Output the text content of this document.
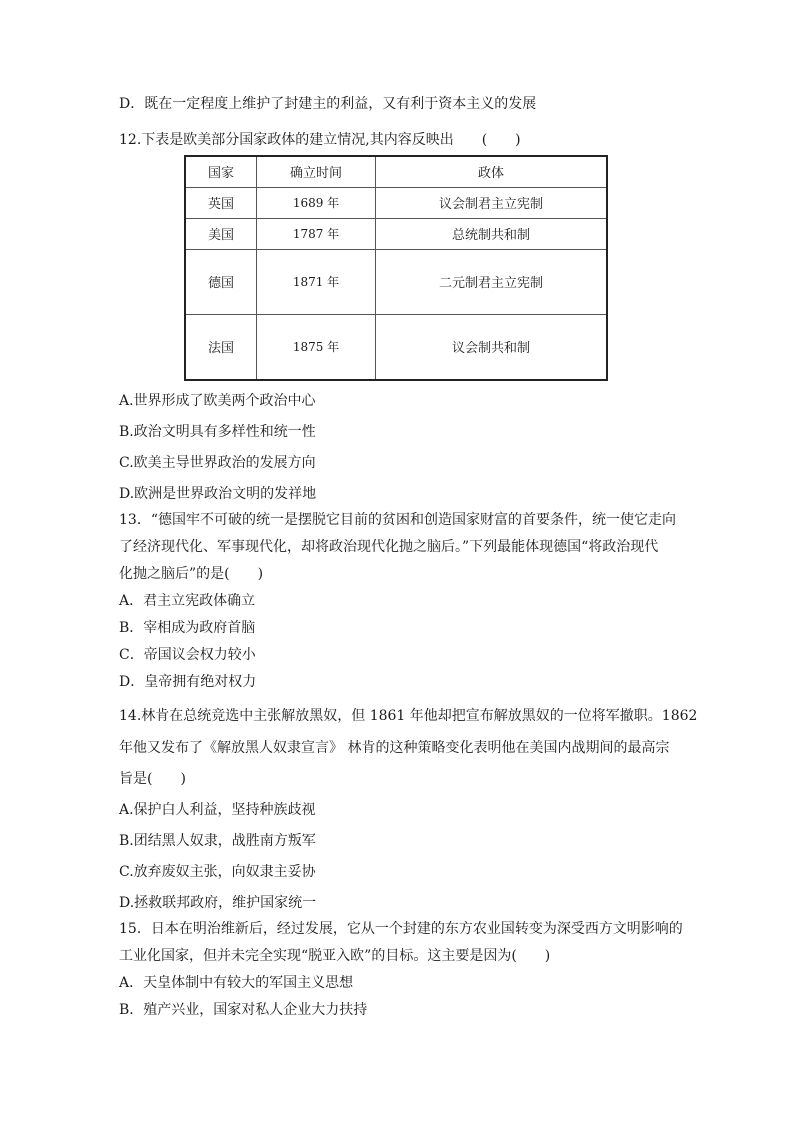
D．既在一定程度上维护了封建主的利益，又有利于资本主义的发展
12.下表是欧美部分国家政体的建立情况,其内容反映出　　(　　)
国家	确立时间	政体
英国	1689 年	议会制君主立宪制
美国	1787 年	总统制共和制
德国	1871 年	二元制君主立宪制
法国	1875 年	议会制共和制
A.世界形成了欧美两个政治中心
B.政治文明具有多样性和统一性
C.欧美主导世界政治的发展方向
D.欧洲是世界政治文明的发祥地
13．“德国牢不可破的统一是摆脱它目前的贫困和创造国家财富的首要条件，统一使它走向
了经济现代化、军事现代化，却将政治现代化抛之脑后。”下列最能体现德国“将政治现代
化抛之脑后”的是(　　)
A．君主立宪政体确立
B．宰相成为政府首脑
C．帝国议会权力较小
D．皇帝拥有绝对权力
14.林肯在总统竞选中主张解放黑奴，但 1861 年他却把宣布解放黑奴的一位将军撤职。1862
年他又发布了《解放黑人奴隶宣言》 林肯的这种策略变化表明他在美国内战期间的最高宗
旨是(　　)
A.保护白人利益，坚持种族歧视
B.团结黑人奴隶，战胜南方叛军
C.放弃废奴主张，向奴隶主妥协
D.拯救联邦政府，维护国家统一
15．日本在明治维新后，经过发展，它从一个封建的东方农业国转变为深受西方文明影响的
工业化国家，但并未完全实现“脱亚入欧”的目标。这主要是因为(　　)
A．天皇体制中有较大的军国主义思想
B．殖产兴业，国家对私人企业大力扶持
